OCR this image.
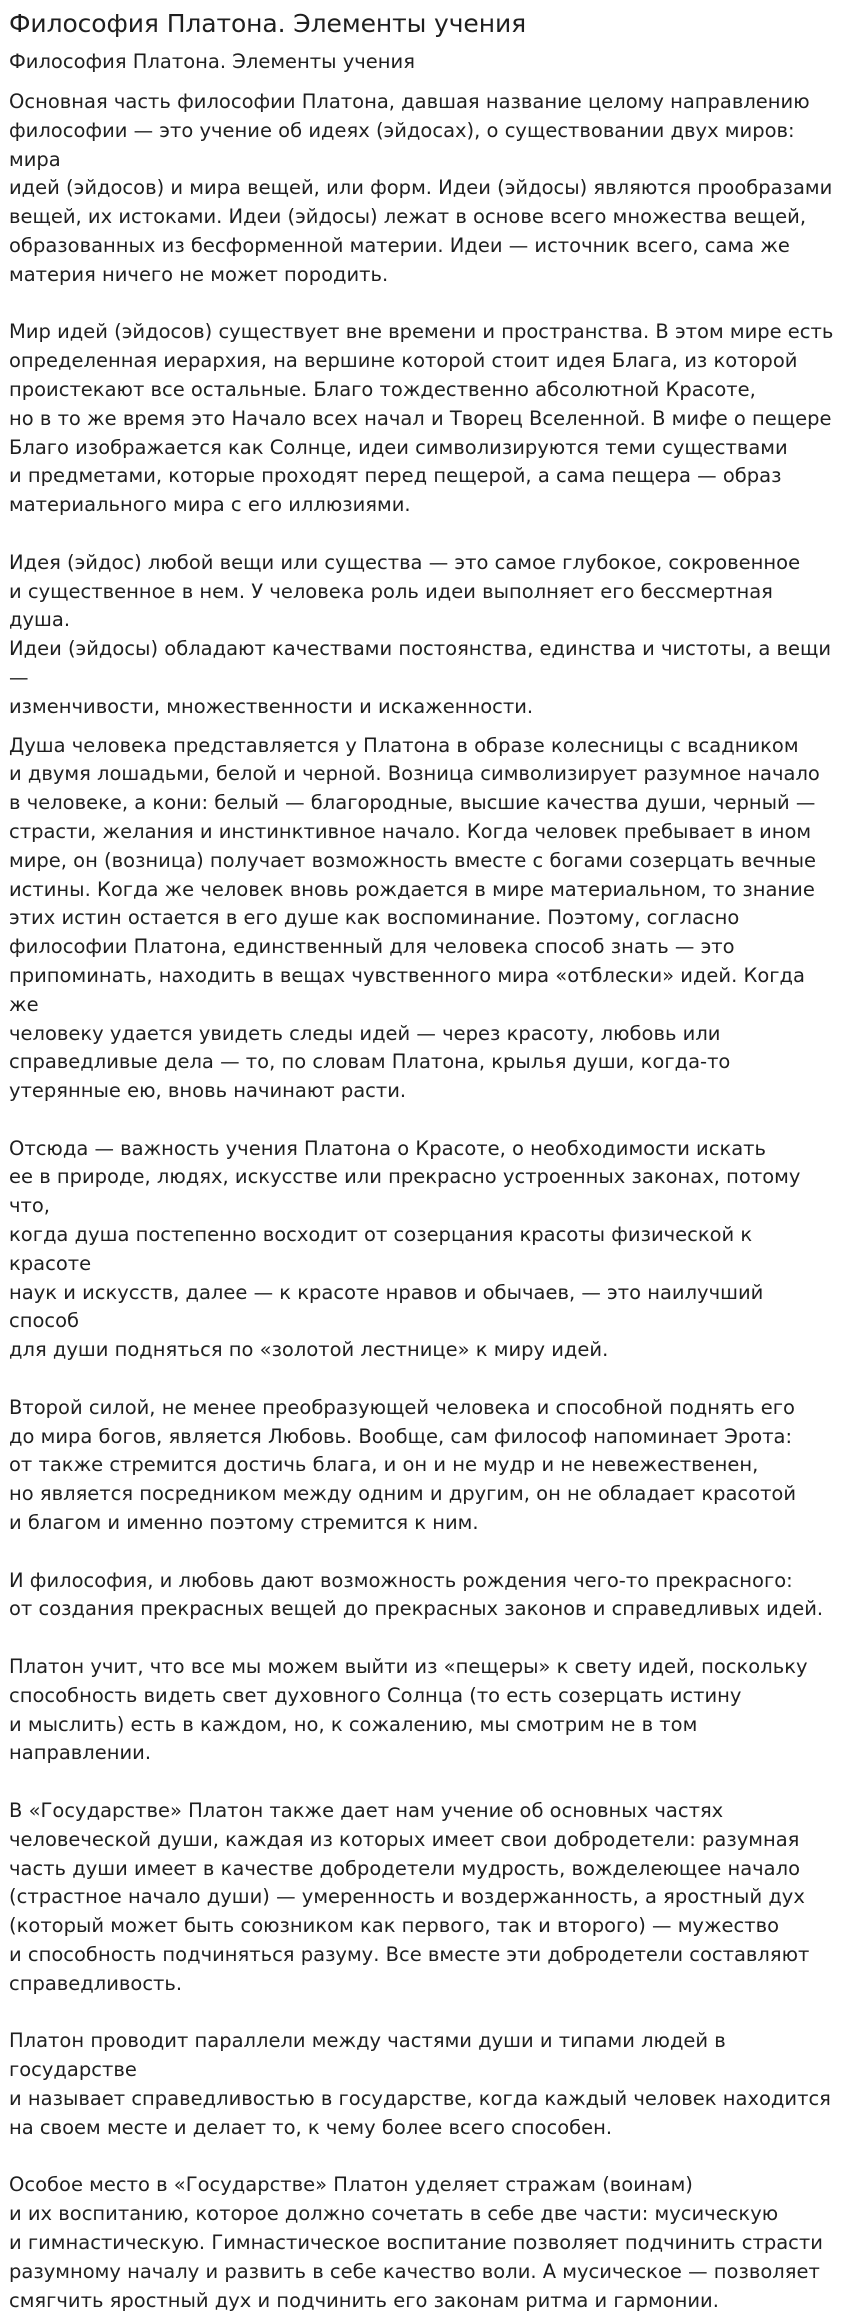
Философия Платона. Элементы учения
Философия Платона. Элементы учения
Основная часть философии Платона, давшая название целому направлению
философии — это учение об идеях (эйдосах), о существовании двух миров: мира
идей (эйдосов) и мира вещей, или форм. Идеи (эйдосы) являются прообразами
вещей, их истоками. Идеи (эйдосы) лежат в основе всего множества вещей,
образованных из бесформенной материи. Идеи — источник всего, сама же
материя ничего не может породить.
Мир идей (эйдосов) существует вне времени и пространства. В этом мире есть
определенная иерархия, на вершине которой стоит идея Блага, из которой
проистекают все остальные. Благо тождественно абсолютной Красоте,
но в то же время это Начало всех начал и Творец Вселенной. В мифе о пещере
Благо изображается как Солнце, идеи символизируются теми существами
и предметами, которые проходят перед пещерой, а сама пещера — образ
материального мира с его иллюзиями.
Идея (эйдос) любой вещи или существа — это самое глубокое, сокровенное
и существенное в нем. У человека роль идеи выполняет его бессмертная душа.
Идеи (эйдосы) обладают качествами постоянства, единства и чистоты, а вещи —
изменчивости, множественности и искаженности.
Душа человека представляется у Платона в образе колесницы с всадником
и двумя лошадьми, белой и черной. Возница символизирует разумное начало
в человеке, а кони: белый — благородные, высшие качества души, черный —
страсти, желания и инстинктивное начало. Когда человек пребывает в ином
мире, он (возница) получает возможность вместе с богами созерцать вечные
истины. Когда же человек вновь рождается в мире материальном, то знание
этих истин остается в его душе как воспоминание. Поэтому, согласно
философии Платона, единственный для человека способ знать — это
припоминать, находить в вещах чувственного мира «отблески» идей. Когда же
человеку удается увидеть следы идей — через красоту, любовь или
справедливые дела — то, по словам Платона, крылья души, когда-то
утерянные ею, вновь начинают расти.
Отсюда — важность учения Платона о Красоте, о необходимости искать
ее в природе, людях, искусстве или прекрасно устроенных законах, потому что,
когда душа постепенно восходит от созерцания красоты физической к красоте
наук и искусств, далее — к красоте нравов и обычаев, — это наилучший способ
для души подняться по «золотой лестнице» к миру идей.
Второй силой, не менее преобразующей человека и способной поднять его
до мира богов, является Любовь. Вообще, сам философ напоминает Эрота:
от также стремится достичь блага, и он и не мудр и не невежественен,
но является посредником между одним и другим, он не обладает красотой
и благом и именно поэтому стремится к ним.
И философия, и любовь дают возможность рождения чего-то прекрасного:
от создания прекрасных вещей до прекрасных законов и справедливых идей.
Платон учит, что все мы можем выйти из «пещеры» к свету идей, поскольку
способность видеть свет духовного Солнца (то есть созерцать истину
и мыслить) есть в каждом, но, к сожалению, мы смотрим не в том направлении.
В «Государстве» Платон также дает нам учение об основных частях
человеческой души, каждая из которых имеет свои добродетели: разумная
часть души имеет в качестве добродетели мудрость, вожделеющее начало
(страстное начало души) — умеренность и воздержанность, а яростный дух
(который может быть союзником как первого, так и второго) — мужество
и способность подчиняться разуму. Все вместе эти добродетели составляют
справедливость.
Платон проводит параллели между частями души и типами людей в государстве
и называет справедливостью в государстве, когда каждый человек находится
на своем месте и делает то, к чему более всего способен.
Особое место в «Государстве» Платон уделяет стражам (воинам)
и их воспитанию, которое должно сочетать в себе две части: мусическую
и гимнастическую. Гимнастическое воспитание позволяет подчинить страсти
разумному началу и развить в себе качество воли. А мусическое — позволяет
смягчить яростный дух и подчинить его законам ритма и гармонии.
